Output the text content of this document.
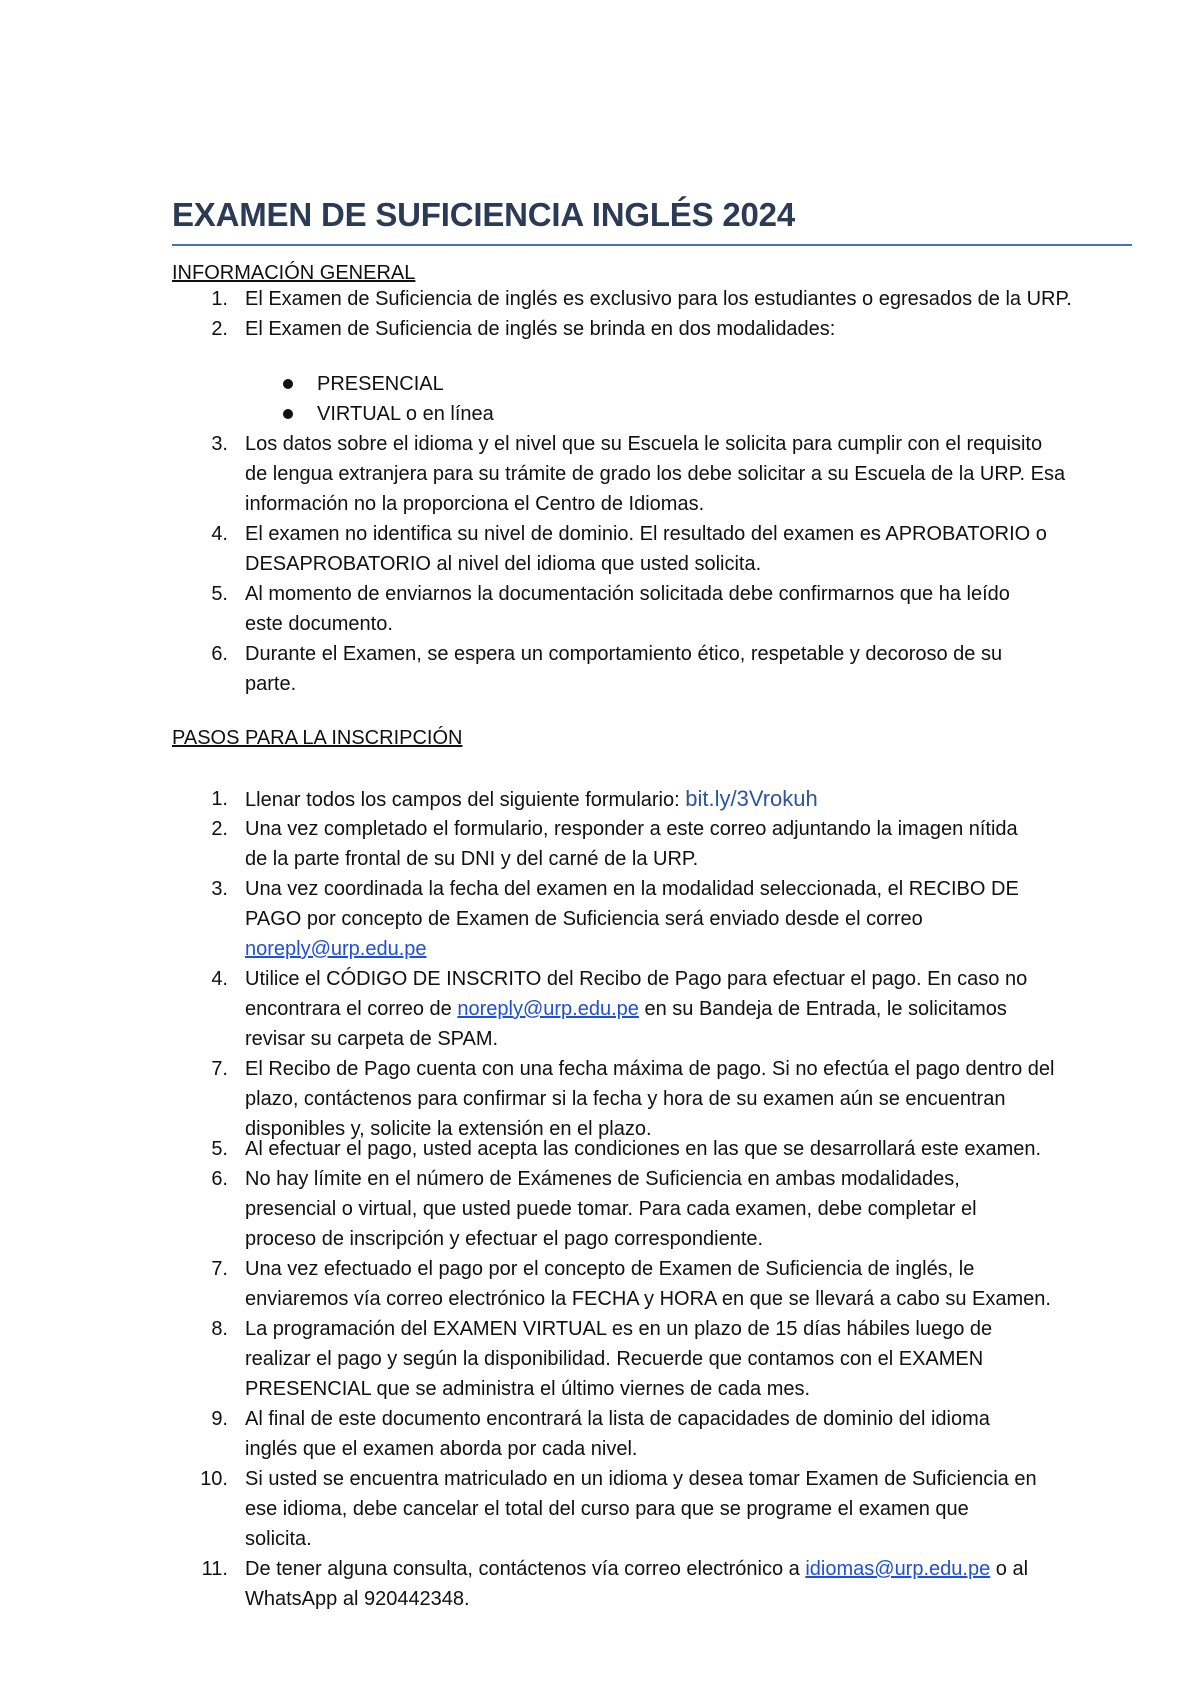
EXAMEN DE SUFICIENCIA INGLÉS 2024
INFORMACIÓN GENERAL
1. El Examen de Suficiencia de inglés es exclusivo para los estudiantes o egresados de la URP.
2. El Examen de Suficiencia de inglés se brinda en dos modalidades:
PRESENCIAL
VIRTUAL o en línea
3. Los datos sobre el idioma y el nivel que su Escuela le solicita para cumplir con el requisito
de lengua extranjera para su trámite de grado los debe solicitar a su Escuela de la URP. Esa
información no la proporciona el Centro de Idiomas.
4. El examen no identifica su nivel de dominio. El resultado del examen es APROBATORIO o
DESAPROBATORIO al nivel del idioma que usted solicita.
5. Al momento de enviarnos la documentación solicitada debe confirmarnos que ha leído
este documento.
6. Durante el Examen, se espera un comportamiento ético, respetable y decoroso de su
parte.
PASOS PARA LA INSCRIPCIÓN
1. Llenar todos los campos del siguiente formulario: bit.ly/3Vrokuh
2. Una vez completado el formulario, responder a este correo adjuntando la imagen nítida
de la parte frontal de su DNI y del carné de la URP.
3. Una vez coordinada la fecha del examen en la modalidad seleccionada, el RECIBO DE
PAGO por concepto de Examen de Suficiencia será enviado desde el correo
noreply@urp.edu.pe
4. Utilice el CÓDIGO DE INSCRITO del Recibo de Pago para efectuar el pago. En caso no
encontrara el correo de noreply@urp.edu.pe en su Bandeja de Entrada, le solicitamos
revisar su carpeta de SPAM.
7. El Recibo de Pago cuenta con una fecha máxima de pago. Si no efectúa el pago dentro del
plazo, contáctenos para confirmar si la fecha y hora de su examen aún se encuentran
disponibles y, solicite la extensión en el plazo.
5. Al efectuar el pago, usted acepta las condiciones en las que se desarrollará este examen.
6. No hay límite en el número de Exámenes de Suficiencia en ambas modalidades,
presencial o virtual, que usted puede tomar. Para cada examen, debe completar el
proceso de inscripción y efectuar el pago correspondiente.
7. Una vez efectuado el pago por el concepto de Examen de Suficiencia de inglés, le
enviaremos vía correo electrónico la FECHA y HORA en que se llevará a cabo su Examen.
8. La programación del EXAMEN VIRTUAL es en un plazo de 15 días hábiles luego de
realizar el pago y según la disponibilidad. Recuerde que contamos con el EXAMEN
PRESENCIAL que se administra el último viernes de cada mes.
9. Al final de este documento encontrará la lista de capacidades de dominio del idioma
inglés que el examen aborda por cada nivel.
10. Si usted se encuentra matriculado en un idioma y desea tomar Examen de Suficiencia en
ese idioma, debe cancelar el total del curso para que se programe el examen que
solicita.
11. De tener alguna consulta, contáctenos vía correo electrónico a idiomas@urp.edu.pe o al
WhatsApp al 920442348.
